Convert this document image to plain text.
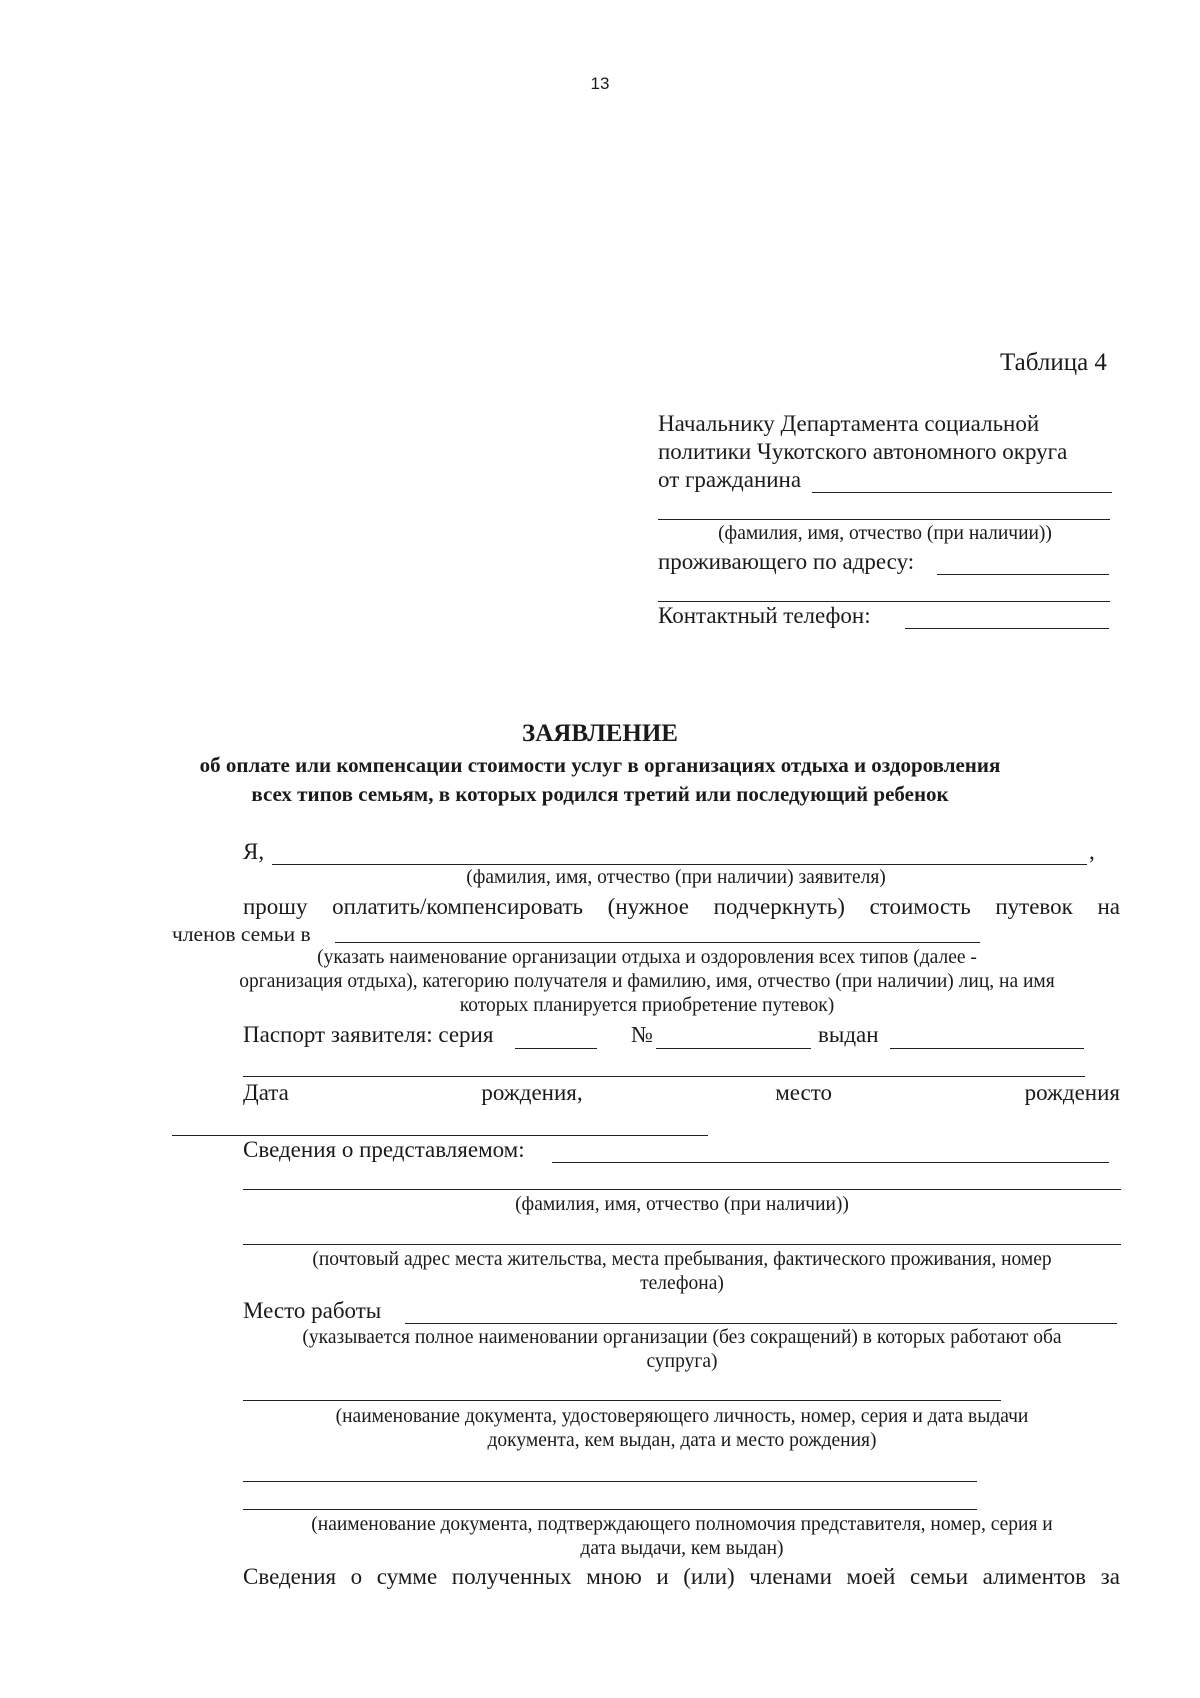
13
Таблица 4
Начальнику Департамента социальной
политики Чукотского автономного округа
от гражданина
(фамилия, имя, отчество (при наличии))
проживающего по адресу:
Контактный телефон:
ЗАЯВЛЕНИЕ
об оплате или компенсации стоимости услуг в организациях отдыха и оздоровления
всех типов семьям, в которых родился третий или последующий ребенок
Я,	,
(фамилия, имя, отчество (при наличии) заявителя)
прошу оплатить/компенсировать (нужное подчеркнуть) стоимость путевок на
членов семьи в
(указать наименование организации отдыха и оздоровления всех типов (далее -
организация отдыха), категорию получателя и фамилию, имя, отчество (при наличии) лиц, на имя
которых планируется приобретение путевок)
Паспорт заявителя: серия	№	выдан
Дата	рождения,	место	рождения
Сведения о представляемом:
(фамилия, имя, отчество (при наличии))
(почтовый адрес места жительства, места пребывания, фактического проживания, номер
телефона)
Место работы
(указывается полное наименовании организации (без сокращений) в которых работают оба
супруга)
(наименование документа, удостоверяющего личность, номер, серия и дата выдачи
документа, кем выдан, дата и место рождения)
(наименование документа, подтверждающего полномочия представителя, номер, серия и
дата выдачи, кем выдан)
Сведения о сумме полученных мною и (или) членами моей семьи алиментов за
